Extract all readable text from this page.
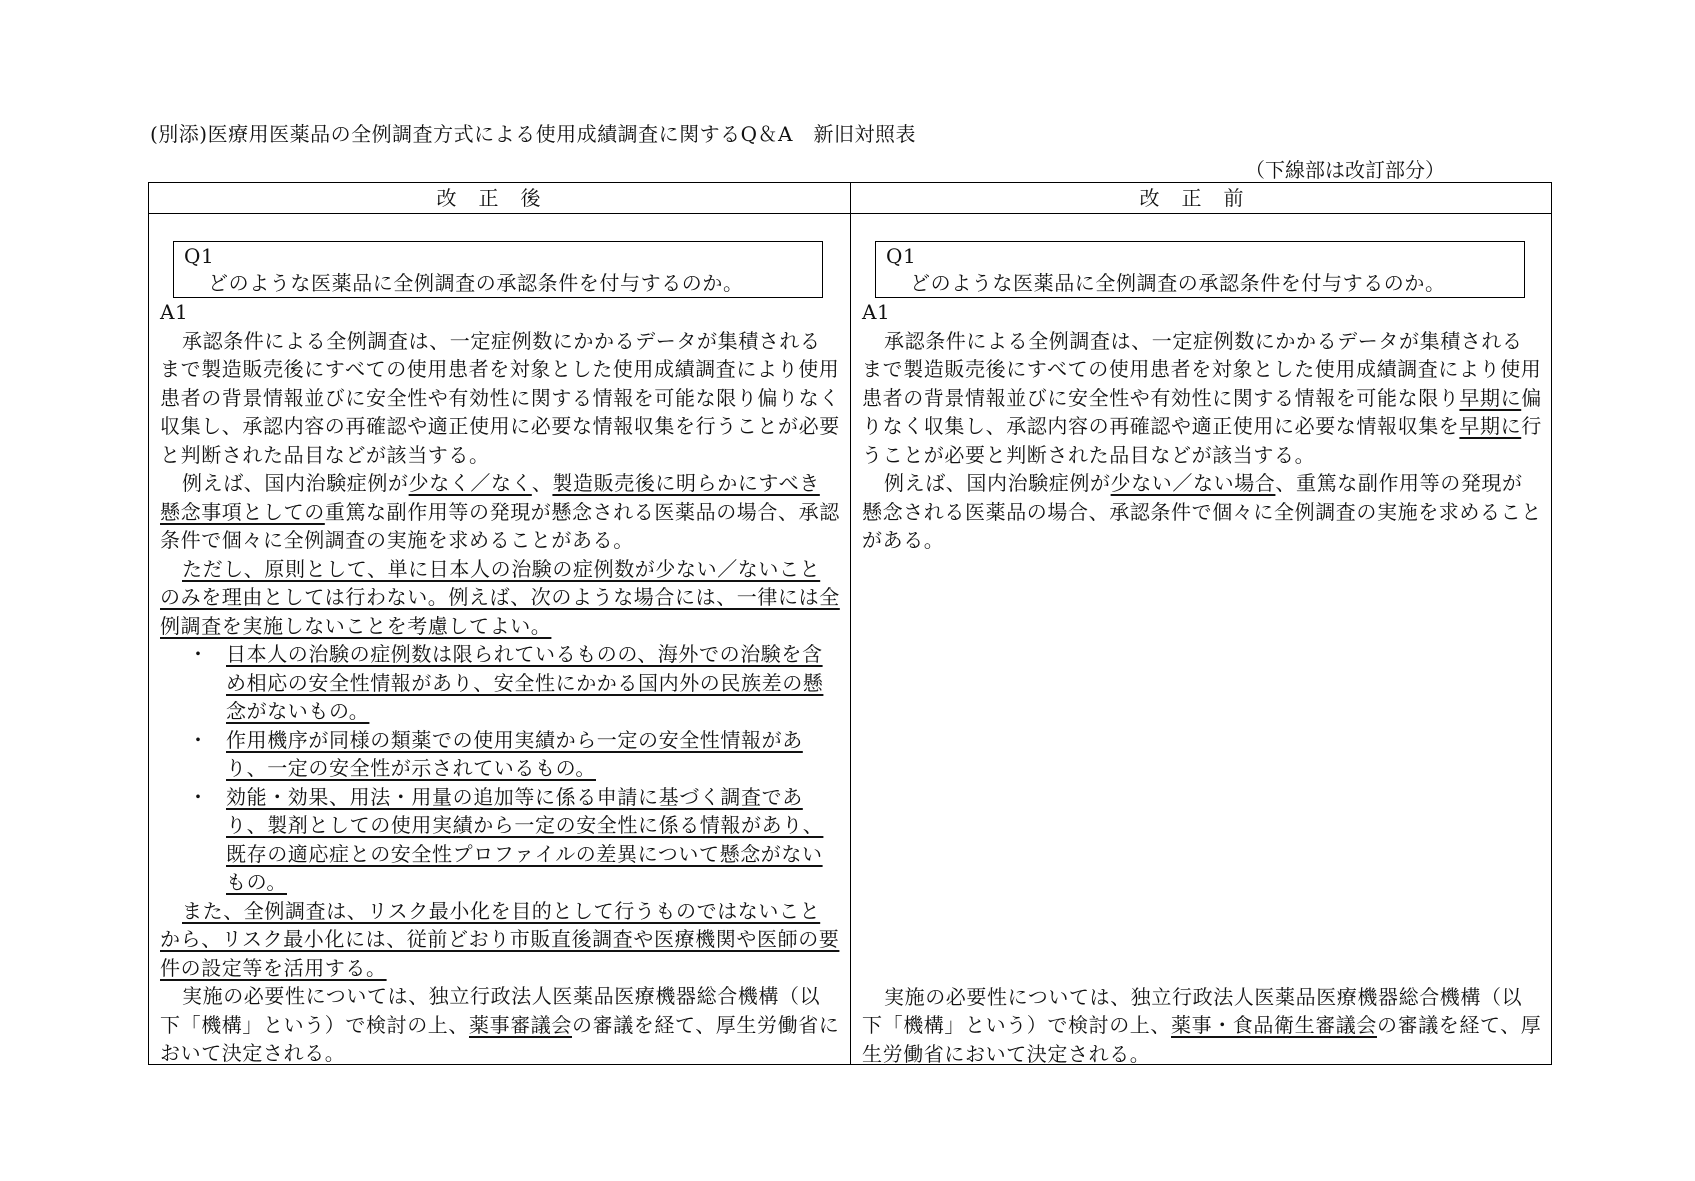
(別添)医療用医薬品の全例調査方式による使用成績調査に関するQ＆A　新旧対照表
（下線部は改訂部分）
改正後	改正前
Q1
どのような医薬品に全例調査の承認条件を付与するのか。
A1

承認条件による全例調査は、一定症例数にかかるデータが集積されるまで製造販売後にすべての使用患者を対象とした使用成績調査により使用患者の背景情報並びに安全性や有効性に関する情報を可能な限り偏りなく収集し、承認内容の再確認や適正使用に必要な情報収集を行うことが必要と判断された品目などが該当する。

例えば、国内治験症例が少なく／なく、製造販売後に明らかにすべき懸念事項としての重篤な副作用等の発現が懸念される医薬品の場合、承認条件で個々に全例調査の実施を求めることがある。

ただし、原則として、単に日本人の治験の症例数が少ない／ないことのみを理由としては行わない。例えば、次のような場合には、一律には全例調査を実施しないことを考慮してよい。

・ 日本人の治験の症例数は限られているものの、海外での治験を含め相応の安全性情報があり、安全性にかかる国内外の民族差の懸念がないもの。
・ 作用機序が同様の類薬での使用実績から一定の安全性情報があり、一定の安全性が示されているもの。
・ 効能・効果、用法・用量の追加等に係る申請に基づく調査であり、製剤としての使用実績から一定の安全性に係る情報があり、既存の適応症との安全性プロファイルの差異について懸念がないもの。

また、全例調査は、リスク最小化を目的として行うものではないことから、リスク最小化には、従前どおり市販直後調査や医療機関や医師の要件の設定等を活用する。

実施の必要性については、独立行政法人医薬品医療機器総合機構（以下「機構」という）で検討の上、薬事審議会の審議を経て、厚生労働省において決定される。

Q1
どのような医薬品に全例調査の承認条件を付与するのか。
A1

承認条件による全例調査は、一定症例数にかかるデータが集積されるまで製造販売後にすべての使用患者を対象とした使用成績調査により使用患者の背景情報並びに安全性や有効性に関する情報を可能な限り早期に偏りなく収集し、承認内容の再確認や適正使用に必要な情報収集を早期に行うことが必要と判断された品目などが該当する。

例えば、国内治験症例が少ない／ない場合、重篤な副作用等の発現が懸念される医薬品の場合、承認条件で個々に全例調査の実施を求めることがある。

実施の必要性については、独立行政法人医薬品医療機器総合機構（以下「機構」という）で検討の上、薬事・食品衛生審議会の審議を経て、厚生労働省において決定される。
